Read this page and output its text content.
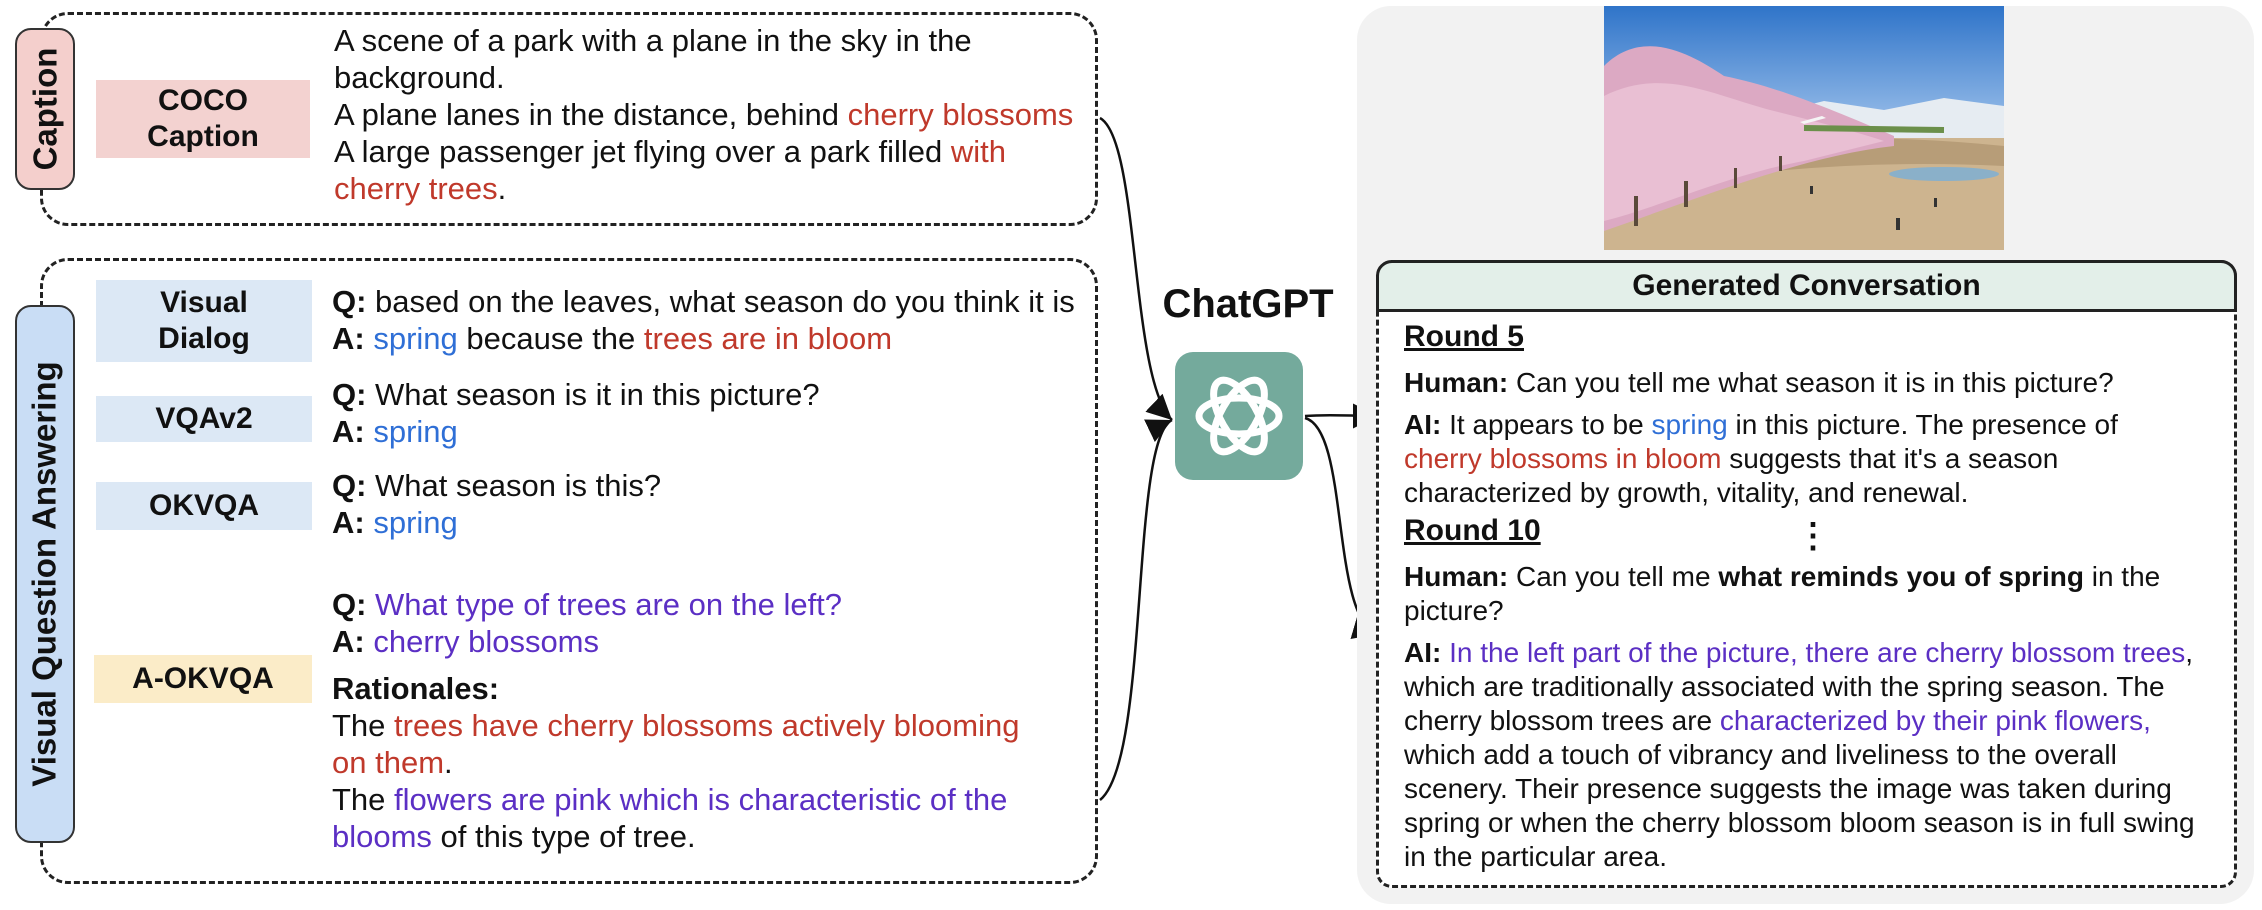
Caption	COCO
Caption
A scene of a park with a plane in the sky in the
background.
A plane lanes in the distance, behind cherry blossoms
A large passenger jet flying over a park filled with
cherry trees.
Visual Question Answering
Visual
Dialog
Q: based on the leaves, what season do you think it is
A: spring because the trees are in bloom
VQAv2
Q: What season is it in this picture?
A: spring
OKVQA
Q: What season is this?
A: spring
A-OKVQA
Q: What type of trees are on the left?
A: cherry blossoms
Rationales:
The trees have cherry blossoms actively blooming
on them.
The flowers are pink which is characteristic of the
blooms of this type of tree.
ChatGPT	Generated Conversation
Round 5
Human: Can you tell me what season it is in this picture?
AI: It appears to be spring in this picture. The presence of
cherry blossoms in bloom suggests that it's a season
characterized by growth, vitality, and renewal.
⋮
Round 10
Human: Can you tell me what reminds you of spring in the
picture?
AI: In the left part of the picture, there are cherry blossom trees,
which are traditionally associated with the spring season. The
cherry blossom trees are characterized by their pink flowers,
which add a touch of vibrancy and liveliness to the overall
scenery. Their presence suggests the image was taken during
spring or when the cherry blossom bloom season is in full swing
in the particular area.
